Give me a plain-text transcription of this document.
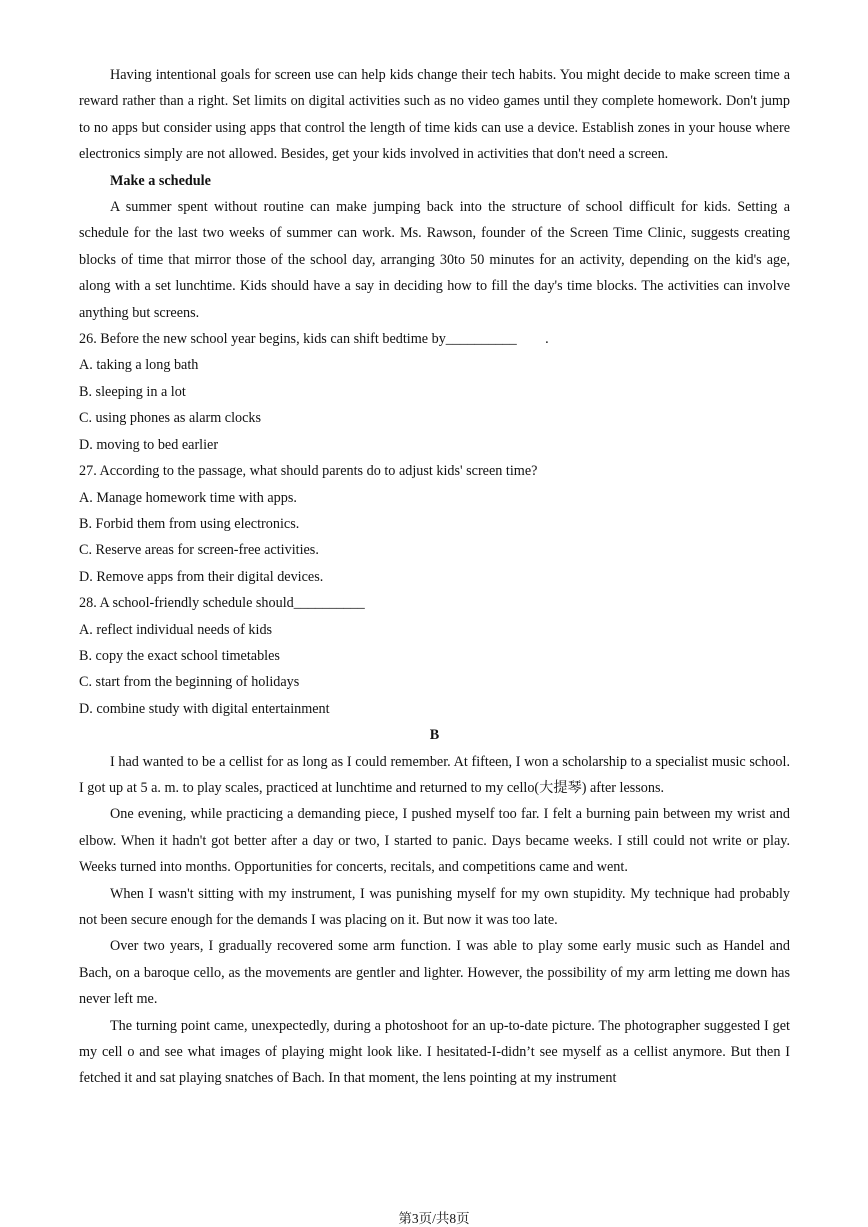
Having intentional goals for screen use can help kids change their tech habits. You might decide to make screen time a reward rather than a right. Set limits on digital activities such as no video games until they complete homework. Don't jump to no apps but consider using apps that control the length of time kids can use a device. Establish zones in your house where electronics simply are not allowed. Besides, get your kids involved in activities that don't need a screen.

Make a schedule

A summer spent without routine can make jumping back into the structure of school difficult for kids. Setting a schedule for the last two weeks of summer can work. Ms. Rawson, founder of the Screen Time Clinic, suggests creating blocks of time that mirror those of the school day, arranging 30to 50 minutes for an activity, depending on the kid's age, along with a set lunchtime. Kids should have a say in deciding how to fill the day's time blocks. The activities can involve anything but screens.

26. Before the new school year begins, kids can shift bedtime by__________　　.

A. taking a long bath

B. sleeping in a lot

C. using phones as alarm clocks

D. moving to bed earlier

27. According to the passage, what should parents do to adjust kids' screen time?

A. Manage homework time with apps.

B. Forbid them from using electronics.

C. Reserve areas for screen-free activities.

D. Remove apps from their digital devices.

28. A school-friendly schedule should__________

A. reflect individual needs of kids

B. copy the exact school timetables

C. start from the beginning of holidays

D. combine study with digital entertainment

B

I had wanted to be a cellist for as long as I could remember. At fifteen, I won a scholarship to a specialist music school. I got up at 5 a. m. to play scales, practiced at lunchtime and returned to my cello(大提琴) after lessons.

One evening, while practicing a demanding piece, I pushed myself too far. I felt a burning pain between my wrist and elbow. When it hadn't got better after a day or two, I started to panic. Days became weeks. I still could not write or play. Weeks turned into months. Opportunities for concerts, recitals, and competitions came and went.

When I wasn't sitting with my instrument, I was punishing myself for my own stupidity. My technique had probably not been secure enough for the demands I was placing on it. But now it was too late.

Over two years, I gradually recovered some arm function. I was able to play some early music such as Handel and Bach, on a baroque cello, as the movements are gentler and lighter. However, the possibility of my arm letting me down has never left me.

The turning point came, unexpectedly, during a photoshoot for an up-to-date picture. The photographer suggested I get my cell o and see what images of playing might look like. I hesitated-I-didn’t see myself as a cellist anymore. But then I fetched it and sat playing snatches of Bach. In that moment, the lens pointing at my instrument

第3页/共8页
